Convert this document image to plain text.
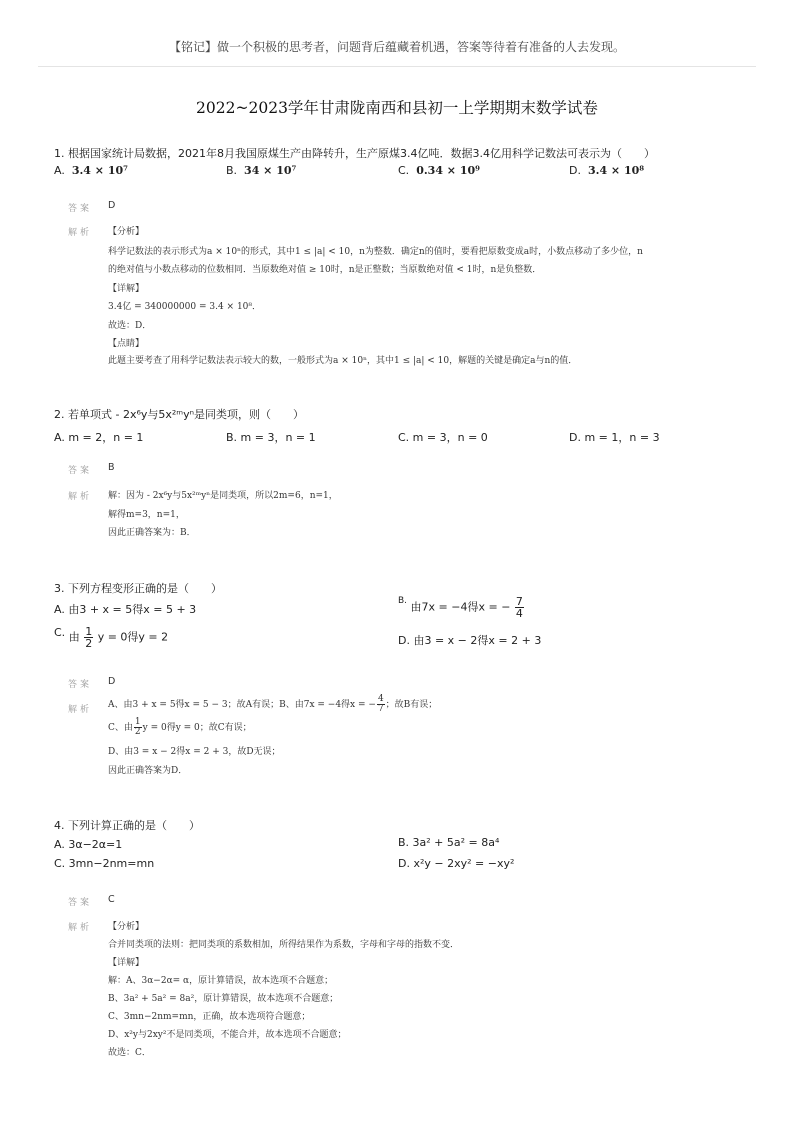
【铭记】做一个积极的思考者，问题背后蕴藏着机遇，答案等待着有准备的人去发现。
2022~2023学年甘肃陇南西和县初一上学期期末数学试卷
1. 根据国家统计局数据，2021年8月我国原煤生产由降转升，生产原煤3.4亿吨．数据3.4亿用科学记数法可表示为（　　）
A. 3.4 × 10⁷	B. 34 × 10⁷	C. 0.34 × 10⁹	D. 3.4 × 10⁸
答案 D
解析 【分析】
科学记数法的表示形式为a × 10ⁿ的形式，其中1 ≤ |a| < 10，n为整数．确定n的值时，要看把原数变成a时，小数点移动了多少位，n
的绝对值与小数点移动的位数相同．当原数绝对值 ≥ 10时，n是正整数；当原数绝对值 < 1时，n是负整数．
【详解】
3.4亿 = 340000000 = 3.4 × 10⁸．
故选：D．
【点睛】
此题主要考查了用科学记数法表示较大的数，一般形式为a × 10ⁿ，其中1 ≤ |a| < 10，解题的关键是确定a与n的值．
2. 若单项式 - 2x⁶y与5x²ᵐyⁿ是同类项，则（　　）
A. m = 2，n = 1	B. m = 3，n = 1	C. m = 3，n = 0	D. m = 1，n = 3
答案 B
解析 解：因为 - 2x⁶y与5x²ᵐyⁿ是同类项，所以2m=6，n=1，
解得m=3，n=1，
因此正确答案为：B．
3. 下列方程变形正确的是（　　）
A. 由3 + x = 5得x = 5 + 3
$^{B.}$ 由7x = −4得x = − $\frac{7}{4}$
C. 由 $\frac{1}{2}$ y = 0得y = 2	D. 由3 = x − 2得x = 2 + 3
答案 D
解析 A、由3 + x = 5得x = 5 − 3；故A有误；B、由7x = −4得x = − $\frac{4}{7}$ ；故B有误；
C、由 $\frac{1}{2}$ y = 0得y = 0；故C有误；
D、由3 = x − 2得x = 2 + 3，故D无误；
因此正确答案为D．
4. 下列计算正确的是（　　）
A. 3α−2α=1	B. 3a² + 5a² = 8a⁴
C. 3mn−2nm=mn	D. x²y − 2xy² = −xy²
答案 C
解析 【分析】
合并同类项的法则：把同类项的系数相加，所得结果作为系数，字母和字母的指数不变．
【详解】
解：A、3α−2α= α，原计算错误，故本选项不合题意；
B、3a² + 5a² = 8a²，原计算错误，故本选项不合题意；
C、3mn−2nm=mn，正确，故本选项符合题意；
D、x²y与2xy²不是同类项，不能合并，故本选项不合题意；
故选：C．
